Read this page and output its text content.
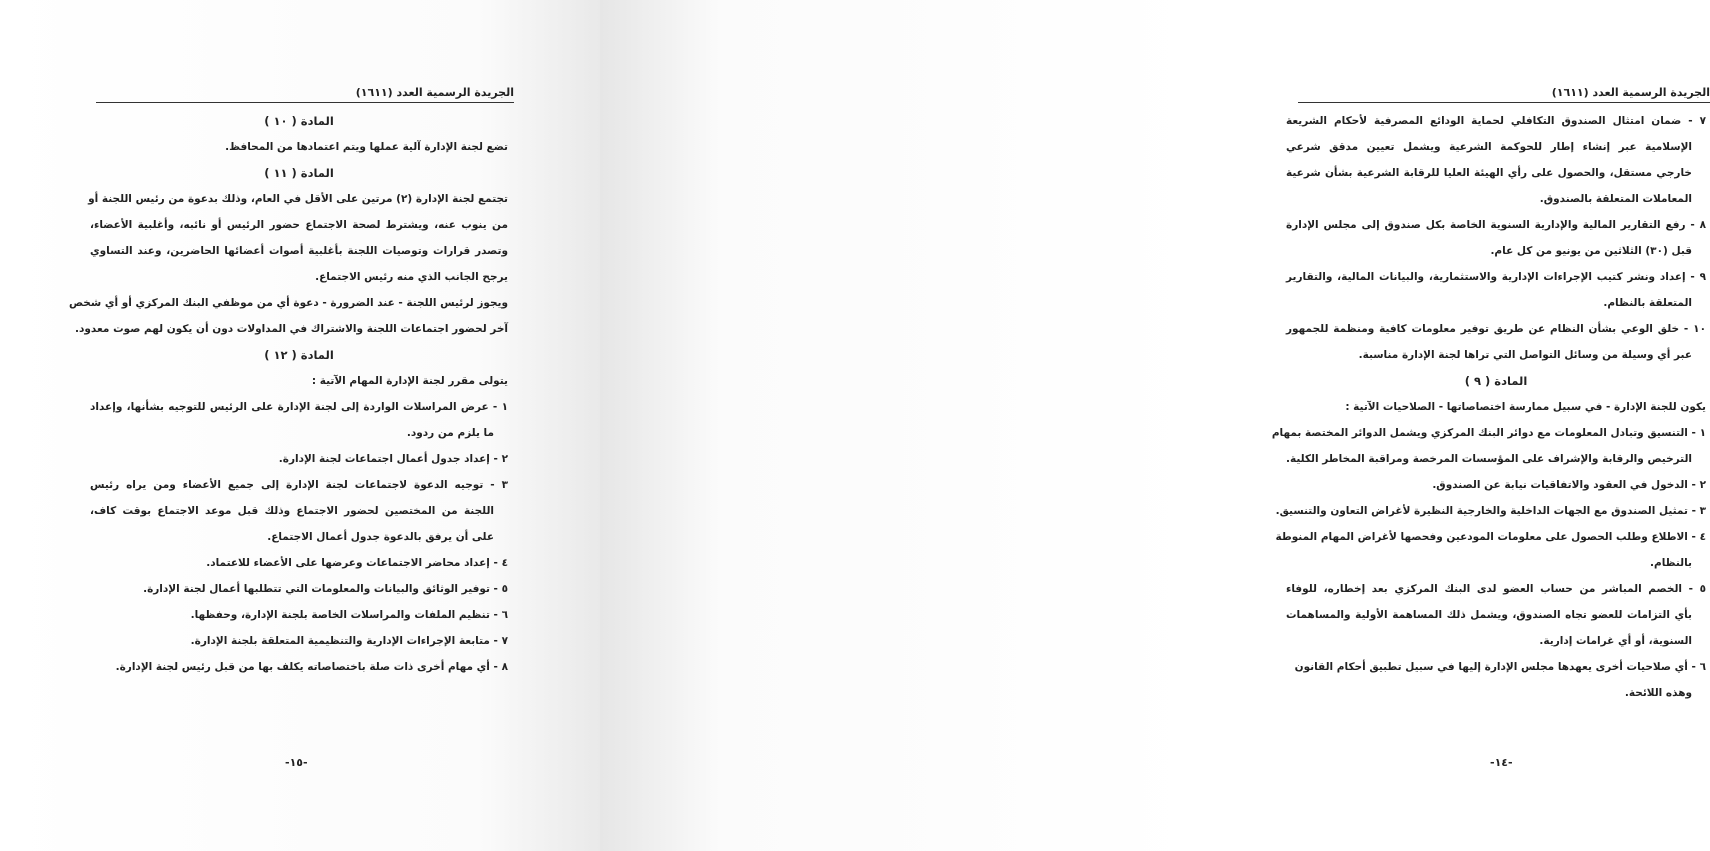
الجريدة الرسمية العدد (١٦١١)
المادة ( ١٠ )
تضع لجنة الإدارة آلية عملها ويتم اعتمادها من المحافظ.
المادة ( ١١ )
تجتمع لجنة الإدارة (٢) مرتين على الأقل في العام، وذلك بدعوة من رئيس اللجنة أو
من ينوب عنه، ويشترط لصحة الاجتماع حضور الرئيس أو نائبه، وأغلبية الأعضاء،
وتصدر قرارات وتوصيات اللجنة بأغلبية أصوات أعضائها الحاضرين، وعند التساوي
يرجح الجانب الذي منه رئيس الاجتماع.
ويجوز لرئيس اللجنة - عند الضرورة - دعوة أي من موظفي البنك المركزي أو أي شخص
آخر لحضور اجتماعات اللجنة والاشتراك في المداولات دون أن يكون لهم صوت معدود.
المادة ( ١٢ )
يتولى مقرر لجنة الإدارة المهام الآتية :
١ - عرض المراسلات الواردة إلى لجنة الإدارة على الرئيس للتوجيه بشأنها، وإعداد
ما يلزم من ردود.
٢ - إعداد جدول أعمال اجتماعات لجنة الإدارة.
٣ - توجيه الدعوة لاجتماعات لجنة الإدارة إلى جميع الأعضاء ومن يراه رئيس
اللجنة من المختصين لحضور الاجتماع وذلك قبل موعد الاجتماع بوقت كاف،
على أن يرفق بالدعوة جدول أعمال الاجتماع.
٤ - إعداد محاضر الاجتماعات وعرضها على الأعضاء للاعتماد.
٥ - توفير الوثائق والبيانات والمعلومات التي تتطلبها أعمال لجنة الإدارة.
٦ - تنظيم الملفات والمراسلات الخاصة بلجنة الإدارة، وحفظها.
٧ - متابعة الإجراءات الإدارية والتنظيمية المتعلقة بلجنة الإدارة.
٨ - أي مهام أخرى ذات صلة باختصاصاته يكلف بها من قبل رئيس لجنة الإدارة.
-١٥-
الجريدة الرسمية العدد (١٦١١)
٧ - ضمان امتثال الصندوق التكافلي لحماية الودائع المصرفية لأحكام الشريعة
الإسلامية عبر إنشاء إطار للحوكمة الشرعية ويشمل تعيين مدقق شرعي
خارجي مستقل، والحصول على رأي الهيئة العليا للرقابة الشرعية بشأن شرعية
المعاملات المتعلقة بالصندوق.
٨ - رفع التقارير المالية والإدارية السنوية الخاصة بكل صندوق إلى مجلس الإدارة
قبل (٣٠) الثلاثين من يونيو من كل عام.
٩ - إعداد ونشر كتيب الإجراءات الإدارية والاستثمارية، والبيانات المالية، والتقارير
المتعلقة بالنظام.
١٠ - خلق الوعي بشأن النظام عن طريق توفير معلومات كافية ومنظمة للجمهور
عبر أي وسيلة من وسائل التواصل التي تراها لجنة الإدارة مناسبة.
المادة ( ٩ )
يكون للجنة الإدارة - في سبيل ممارسة اختصاصاتها - الصلاحيات الآتية :
١ - التنسيق وتبادل المعلومات مع دوائر البنك المركزي ويشمل الدوائر المختصة بمهام
الترخيص والرقابة والإشراف على المؤسسات المرخصة ومراقبة المخاطر الكلية.
٢ - الدخول في العقود والاتفاقيات نيابة عن الصندوق.
٣ - تمثيل الصندوق مع الجهات الداخلية والخارجية النظيرة لأغراض التعاون والتنسيق.
٤ - الاطلاع وطلب الحصول على معلومات المودعين وفحصها لأغراض المهام المنوطة
بالنظام.
٥ - الخصم المباشر من حساب العضو لدى البنك المركزي بعد إخطاره، للوفاء
بأي التزامات للعضو تجاه الصندوق، ويشمل ذلك المساهمة الأولية والمساهمات
السنوية، أو أي غرامات إدارية.
٦ - أي صلاحيات أخرى يعهدها مجلس الإدارة إليها في سبيل تطبيق أحكام القانون
وهذه اللائحة.
-١٤-
